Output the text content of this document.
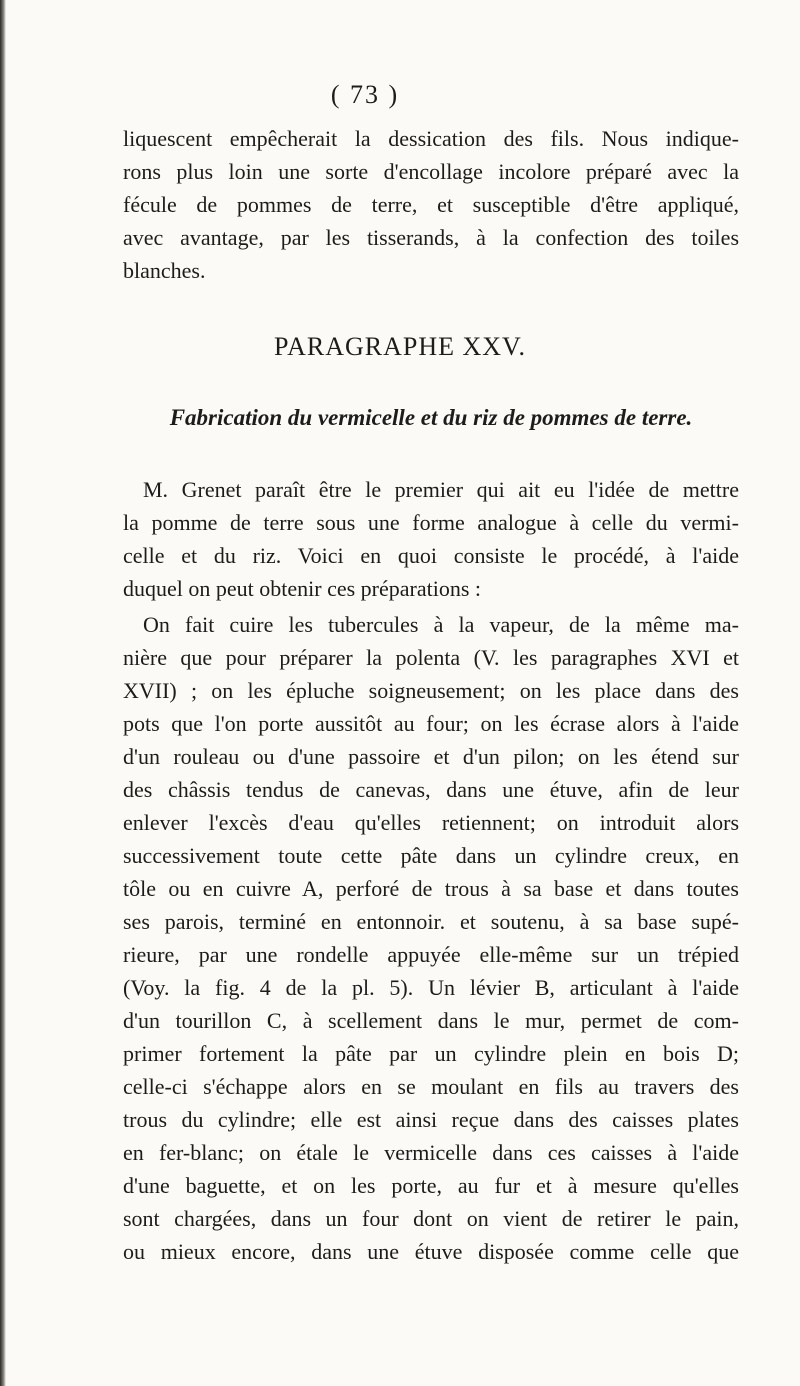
( 73 )
liquescent empêcherait la dessication des fils. Nous indique-
rons plus loin une sorte d'encollage incolore préparé avec la
fécule de pommes de terre, et susceptible d'être appliqué,
avec avantage, par les tisserands, à la confection des toiles
blanches.
PARAGRAPHE XXV.
Fabrication du vermicelle et du riz de pommes de terre.
M. Grenet paraît être le premier qui ait eu l'idée de mettre
la pomme de terre sous une forme analogue à celle du vermi-
celle et du riz. Voici en quoi consiste le procédé, à l'aide
duquel on peut obtenir ces préparations :
On fait cuire les tubercules à la vapeur, de la même ma-
nière que pour préparer la polenta (V. les paragraphes XVI et
XVII) ; on les épluche soigneusement; on les place dans des
pots que l'on porte aussitôt au four; on les écrase alors à l'aide
d'un rouleau ou d'une passoire et d'un pilon; on les étend sur
des châssis tendus de canevas, dans une étuve, afin de leur
enlever l'excès d'eau qu'elles retiennent; on introduit alors
successivement toute cette pâte dans un cylindre creux, en
tôle ou en cuivre A, perforé de trous à sa base et dans toutes
ses parois, terminé en entonnoir. et soutenu, à sa base supé-
rieure, par une rondelle appuyée elle-même sur un trépied
(Voy. la fig. 4 de la pl. 5). Un lévier B, articulant à l'aide
d'un tourillon C, à scellement dans le mur, permet de com-
primer fortement la pâte par un cylindre plein en bois D;
celle-ci s'échappe alors en se moulant en fils au travers des
trous du cylindre; elle est ainsi reçue dans des caisses plates
en fer-blanc; on étale le vermicelle dans ces caisses à l'aide
d'une baguette, et on les porte, au fur et à mesure qu'elles
sont chargées, dans un four dont on vient de retirer le pain,
ou mieux encore, dans une étuve disposée comme celle que
